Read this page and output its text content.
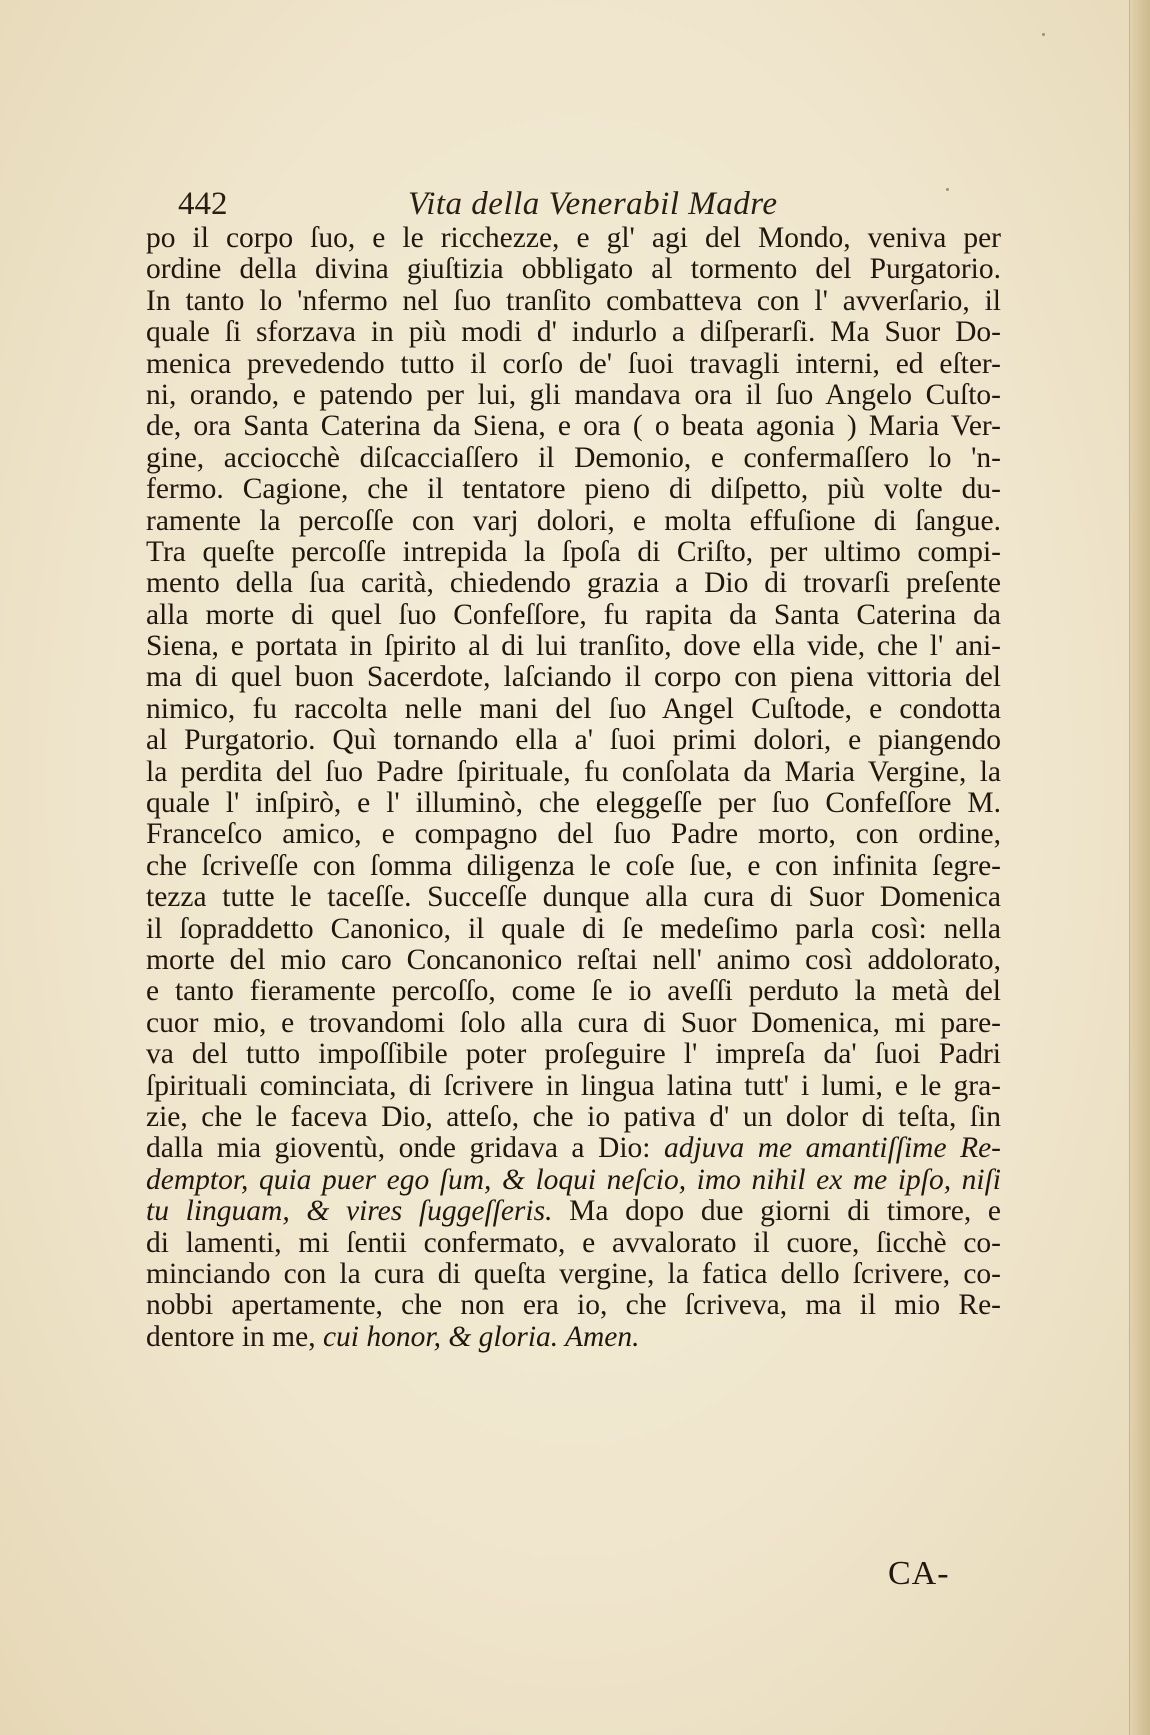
442	Vita della Venerabil Madre
po il corpo ſuo, e le ricchezze, e gl' agi del Mondo, veniva per
ordine della divina giuſtizia obbligato al tormento del Purgatorio.
In tanto lo 'nfermo nel ſuo tranſito combatteva con l' avverſario, il
quale ſi sforzava in più modi d' indurlo a diſperarſi. Ma Suor Do-
menica prevedendo tutto il corſo de' ſuoi travagli interni, ed eſter-
ni, orando, e patendo per lui, gli mandava ora il ſuo Angelo Cuſto-
de, ora Santa Caterina da Siena, e ora ( o beata agonia ) Maria Ver-
gine, acciocchè diſcacciaſſero il Demonio, e confermaſſero lo 'n-
fermo. Cagione, che il tentatore pieno di diſpetto, più volte du-
ramente la percoſſe con varj dolori, e molta effuſione di ſangue.
Tra queſte percoſſe intrepida la ſpoſa di Criſto, per ultimo compi-
mento della ſua carità, chiedendo grazia a Dio di trovarſi preſente
alla morte di quel ſuo Confeſſore, fu rapita da Santa Caterina da
Siena, e portata in ſpirito al di lui tranſito, dove ella vide, che l' ani-
ma di quel buon Sacerdote, laſciando il corpo con piena vittoria del
nimico, fu raccolta nelle mani del ſuo Angel Cuſtode, e condotta
al Purgatorio. Quì tornando ella a' ſuoi primi dolori, e piangendo
la perdita del ſuo Padre ſpirituale, fu conſolata da Maria Vergine, la
quale l' inſpirò, e l' illuminò, che eleggeſſe per ſuo Confeſſore M.
Franceſco amico, e compagno del ſuo Padre morto, con ordine,
che ſcriveſſe con ſomma diligenza le coſe ſue, e con infinita ſegre-
tezza tutte le taceſſe. Succeſſe dunque alla cura di Suor Domenica
il ſopraddetto Canonico, il quale di ſe medeſimo parla così: nella
morte del mio caro Concanonico reſtai nell' animo così addolorato,
e tanto fieramente percoſſo, come ſe io aveſſi perduto la metà del
cuor mio, e trovandomi ſolo alla cura di Suor Domenica, mi pare-
va del tutto impoſſibile poter proſeguire l' impreſa da' ſuoi Padri
ſpirituali cominciata, di ſcrivere in lingua latina tutt' i lumi, e le gra-
zie, che le faceva Dio, atteſo, che io pativa d' un dolor di teſta, ſin
dalla mia gioventù, onde gridava a Dio: adjuva me amantiſſime Re-
demptor, quia puer ego ſum, & loqui neſcio, imo nihil ex me ipſo, niſi
tu linguam, & vires ſuggeſſeris. Ma dopo due giorni di timore, e
di lamenti, mi ſentii confermato, e avvalorato il cuore, ſicchè co-
minciando con la cura di queſta vergine, la fatica dello ſcrivere, co-
nobbi apertamente, che non era io, che ſcriveva, ma il mio Re-
dentore in me, cui honor, & gloria. Amen.
CA-
